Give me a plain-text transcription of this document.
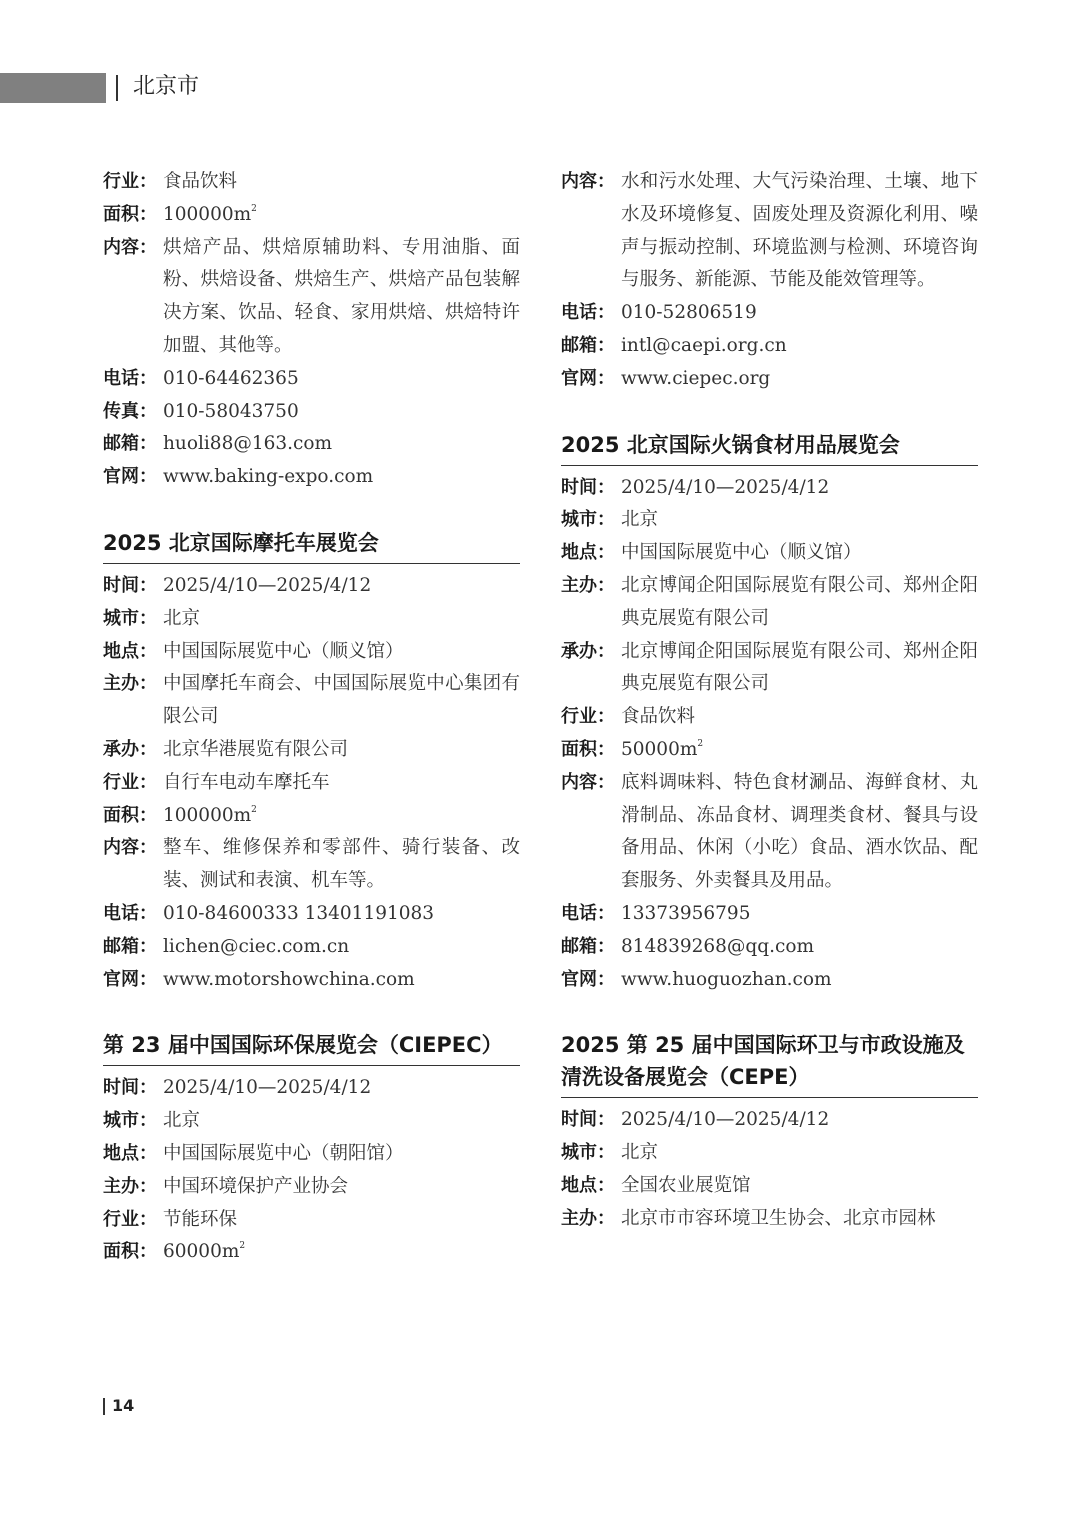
北京市
行业： 食品饮料
面积： $100000m^2$
内容： 烘焙产品、烘焙原辅助料、专用油脂、面粉、烘焙设备、烘焙生产、烘焙产品包装解决方案、饮品、轻食、家用烘焙、烘焙特许加盟、其他等。
电话： 010-64462365
传真： 010-58043750
邮箱： huoli88@163.com
官网： www.baking-expo.com
2025 北京国际摩托车展览会
时间： 2025/4/10—2025/4/12
城市： 北京
地点： 中国国际展览中心（顺义馆）
主办： 中国摩托车商会、中国国际展览中心集团有限公司
承办： 北京华港展览有限公司
行业： 自行车电动车摩托车
面积： $100000m^2$
内容： 整车、维修保养和零部件、骑行装备、改装、测试和表演、机车等。
电话： 010-84600333 13401191083
邮箱： lichen@ciec.com.cn
官网： www.motorshowchina.com
第 23 届中国国际环保展览会（CIEPEC）
时间： 2025/4/10—2025/4/12
城市： 北京
地点： 中国国际展览中心（朝阳馆）
主办： 中国环境保护产业协会
行业： 节能环保
面积： $60000m^2$
内容： 水和污水处理、大气污染治理、土壤、地下水及环境修复、固废处理及资源化利用、噪声与振动控制、环境监测与检测、环境咨询与服务、新能源、节能及能效管理等。
电话： 010-52806519
邮箱： intl@caepi.org.cn
官网： www.ciepec.org
2025 北京国际火锅食材用品展览会
时间： 2025/4/10—2025/4/12
城市： 北京
地点： 中国国际展览中心（顺义馆）
主办： 北京博闻企阳国际展览有限公司、郑州企阳典克展览有限公司
承办： 北京博闻企阳国际展览有限公司、郑州企阳典克展览有限公司
行业： 食品饮料
面积： $50000m^2$
内容： 底料调味料、特色食材涮品、海鲜食材、丸滑制品、冻品食材、调理类食材、餐具与设备用品、休闲（小吃）食品、酒水饮品、配套服务、外卖餐具及用品。
电话： 13373956795
邮箱： 814839268@qq.com
官网： www.huoguozhan.com
2025 第 25 届中国国际环卫与市政设施及清洗设备展览会（CEPE）
时间： 2025/4/10—2025/4/12
城市： 北京
地点： 全国农业展览馆
主办： 北京市市容环境卫生协会、北京市园林
14
